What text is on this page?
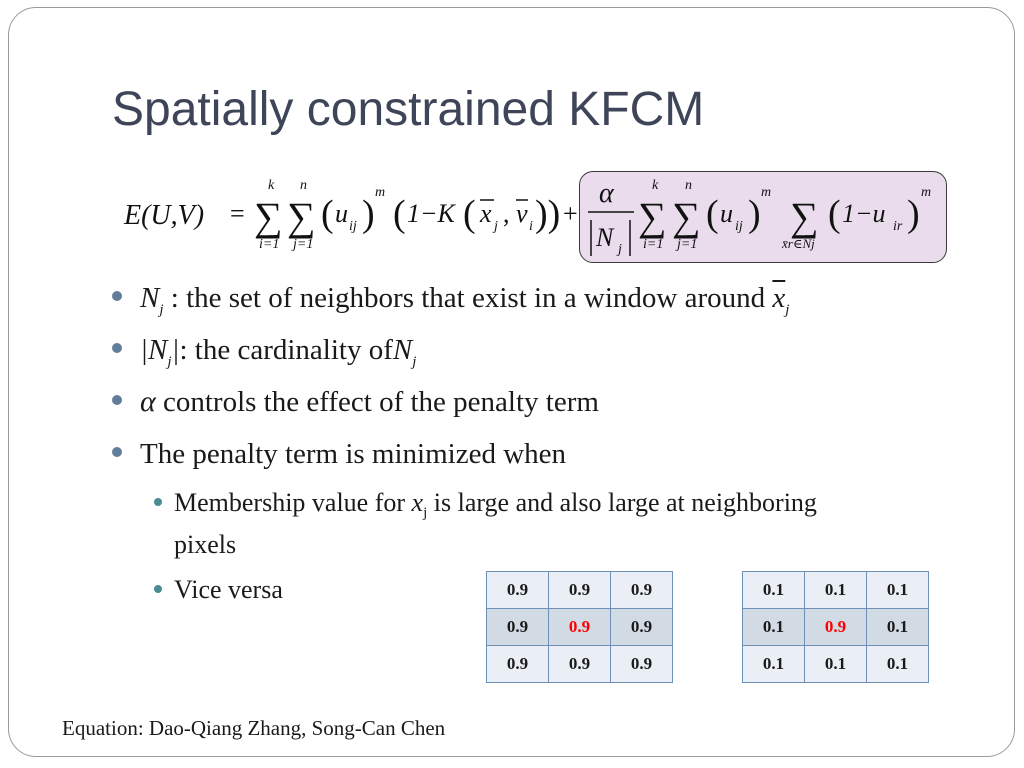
Spatially constrained KFCM
E(U,V) =
k
∑
i=1
n
∑
j=1
( u ij )
m
( 1−K ( x j , v i )) +
α
N j
k
∑
i=1
n
∑
j=1
( u ij )
m
∑
x̄r∈Nj
( 1−u ir )
m
$N_j$ : the set of neighbors that exist in a window around $\overline{x}_j$
$|N_j|$: the cardinality ofN$_j$
α controls the effect of the penalty term
The penalty term is minimized when
Membership value for $x_j$ is large and also large at neighboring
pixels
Vice versa	0.9	0.9	0.9
0.9	0.9	0.9
0.9	0.9	0.9
0.1	0.1	0.1
0.1	0.9	0.1
0.1	0.1	0.1
Equation: Dao-Qiang Zhang, Song-Can Chen
